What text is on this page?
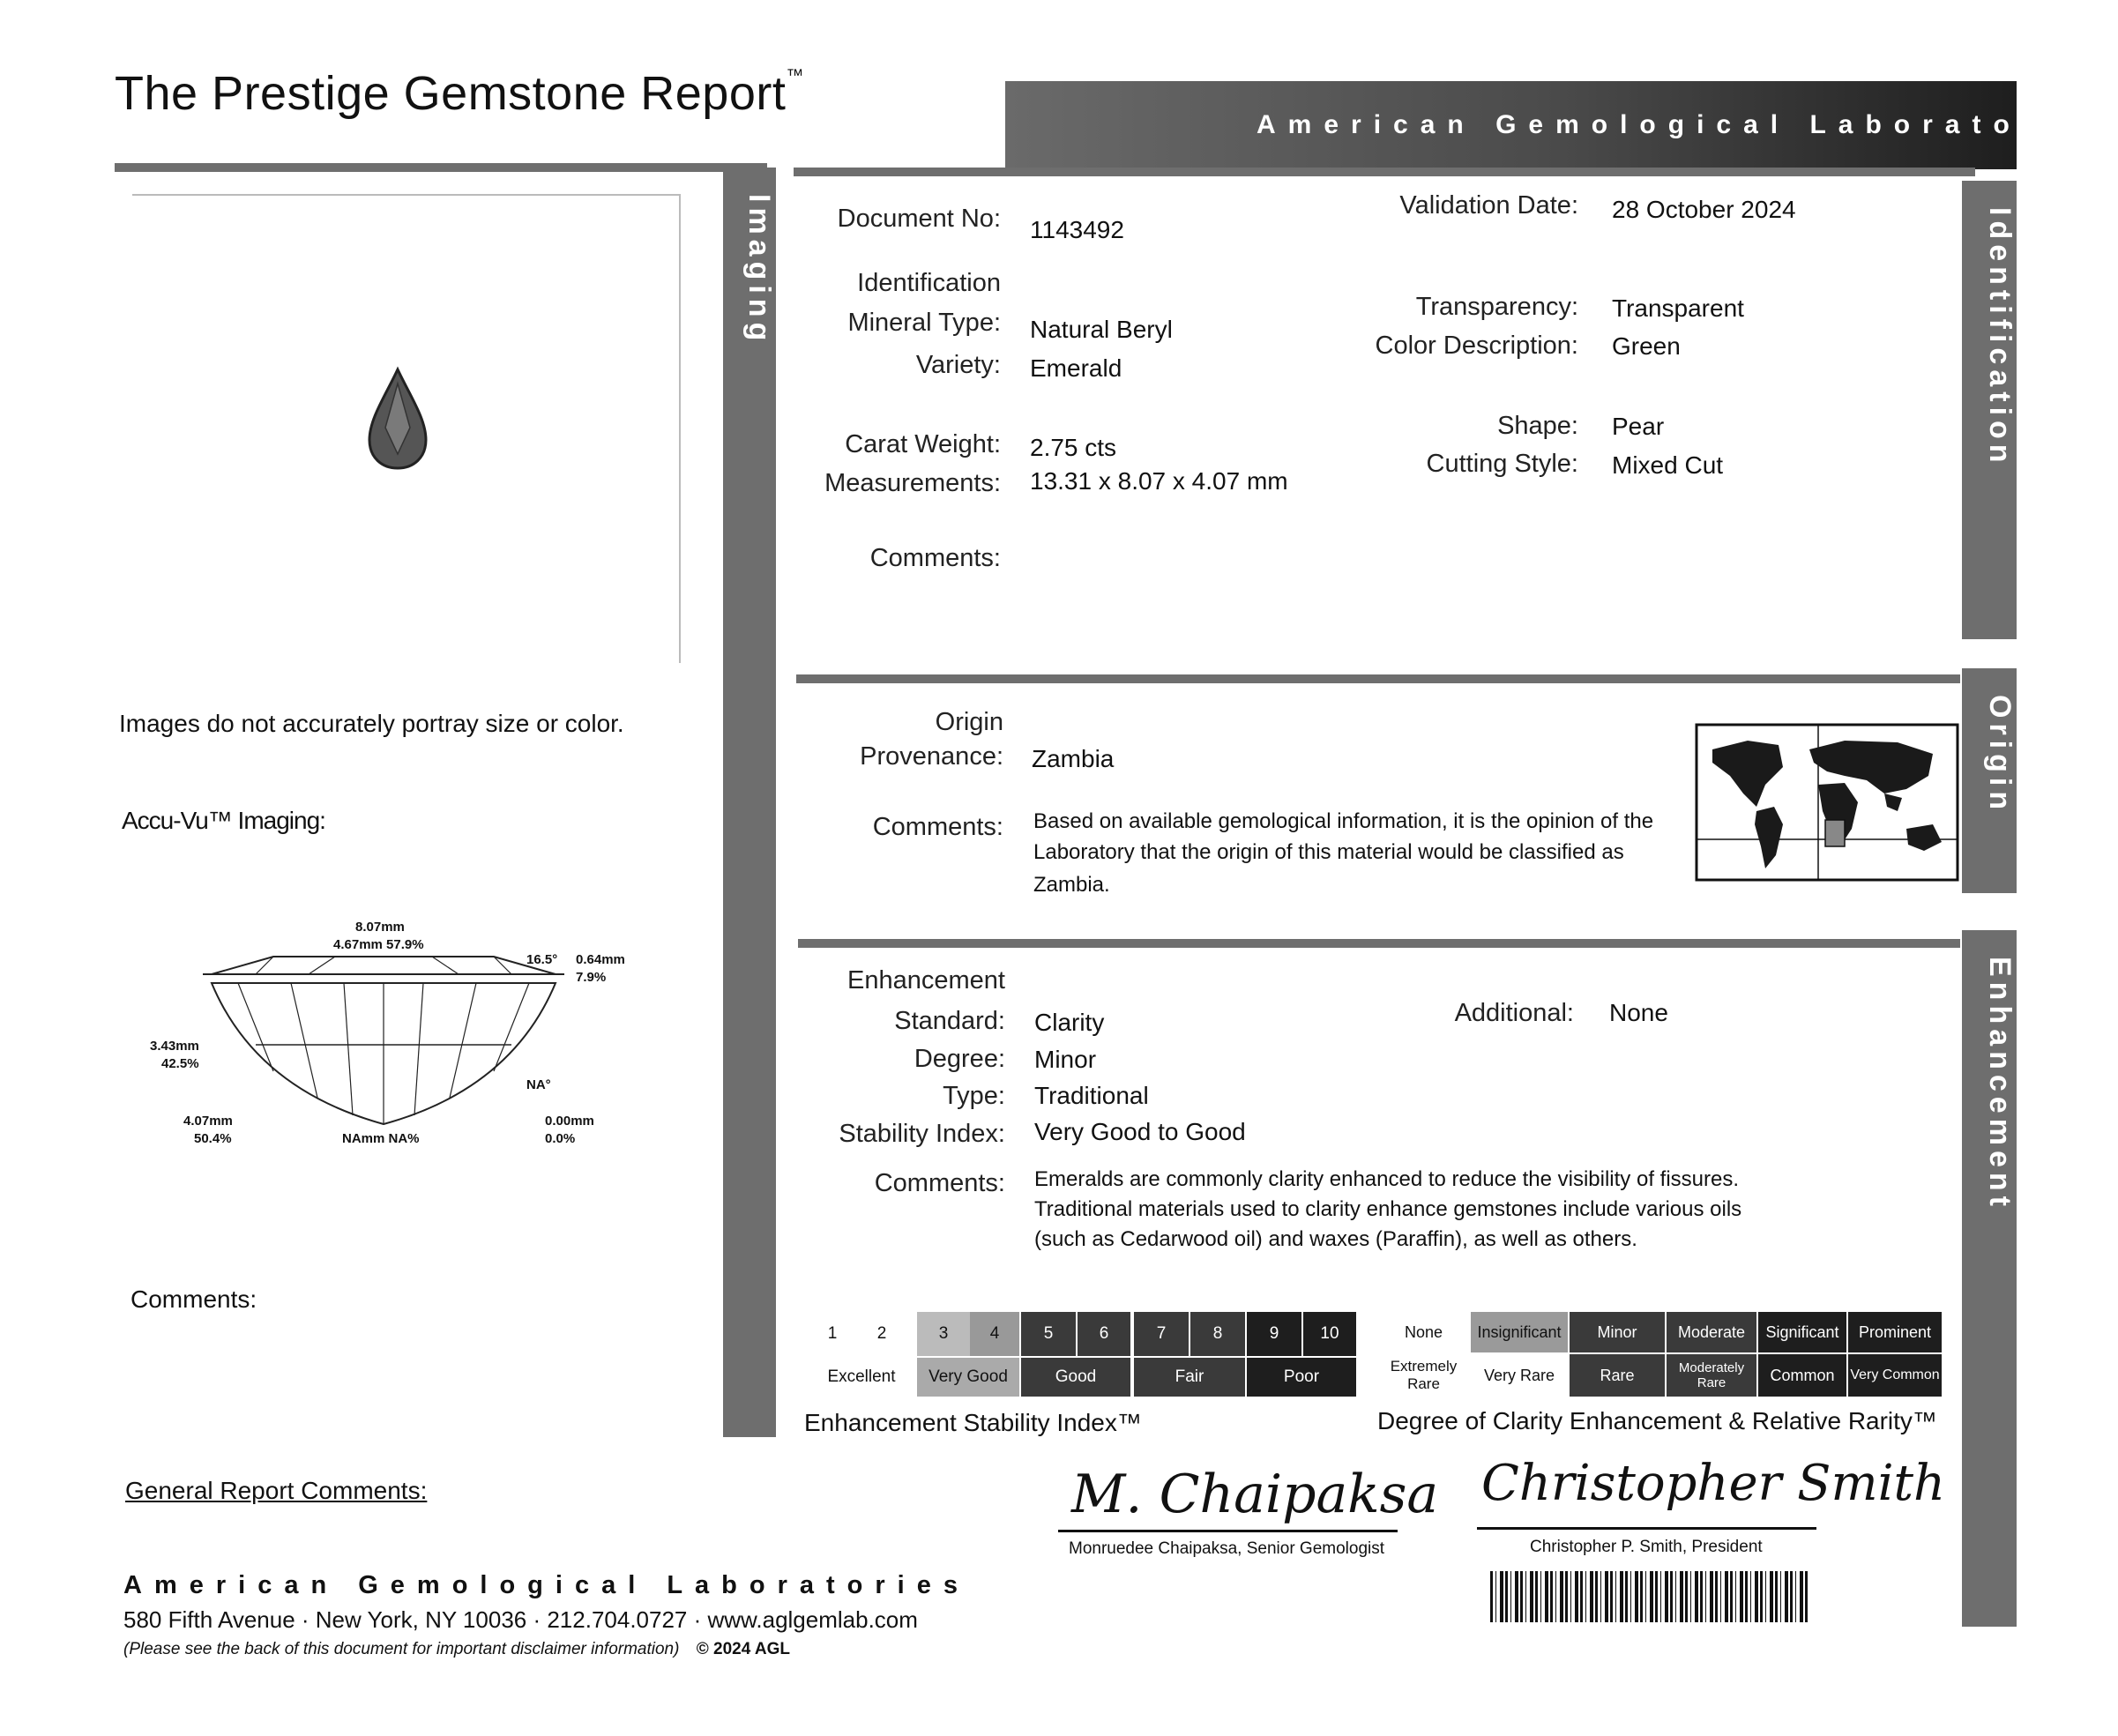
The Prestige Gemstone Report™
American Gemological Laboratories
Imaging
Images do not accurately portray size or color.
Accu-Vu™ Imaging:
8.07mm
4.67mm 57.9%
16.5° 0.64mm
7.9%
3.43mm
42.5%
NA°
4.07mm
50.4%	NAmm NA%
0.00mm
0.0%
Comments:
General Report Comments:
Identification
Document No: 1143492
Validation Date: 28 October 2024
Identification
Mineral Type: Natural Beryl
Variety: Emerald
Transparency: Transparent
Color Description: Green
Carat Weight: 2.75 cts
Measurements: 13.31 x 8.07 x 4.07 mm
Shape: Pear
Cutting Style: Mixed Cut
Comments:
Origin
Origin
Provenance: Zambia
Comments: Based on available gemological information, it is the opinion of the
Laboratory that the origin of this material would be classified as
Zambia.
Enhancement
Enhancement
Standard: Clarity
Degree: Minor
Type: Traditional
Stability Index: Very Good to Good
Additional: None
Comments: Emeralds are commonly clarity enhanced to reduce the visibility of fissures.
Traditional materials used to clarity enhance gemstones include various oils
(such as Cedarwood oil) and waxes (Paraffin), as well as others.
1	2	3	4	5	6	7	8	9	10
Excellent	Very Good	Good	Fair	Poor
Enhancement Stability Index™
None	Insignificant	Minor	Moderate	Significant	Prominent
Extremely Rare	Very Rare	Rare	Moderately Rare	Common	Very Common
Degree of Clarity Enhancement & Relative Rarity™
M. Chaipaksa
Monruedee Chaipaksa, Senior Gemologist
Christopher Smith
Christopher P. Smith, President
American Gemological Laboratories
580 Fifth Avenue · New York, NY 10036 · 212.704.0727 · www.aglgemlab.com
(Please see the back of this document for important disclaimer information) © 2024 AGL
